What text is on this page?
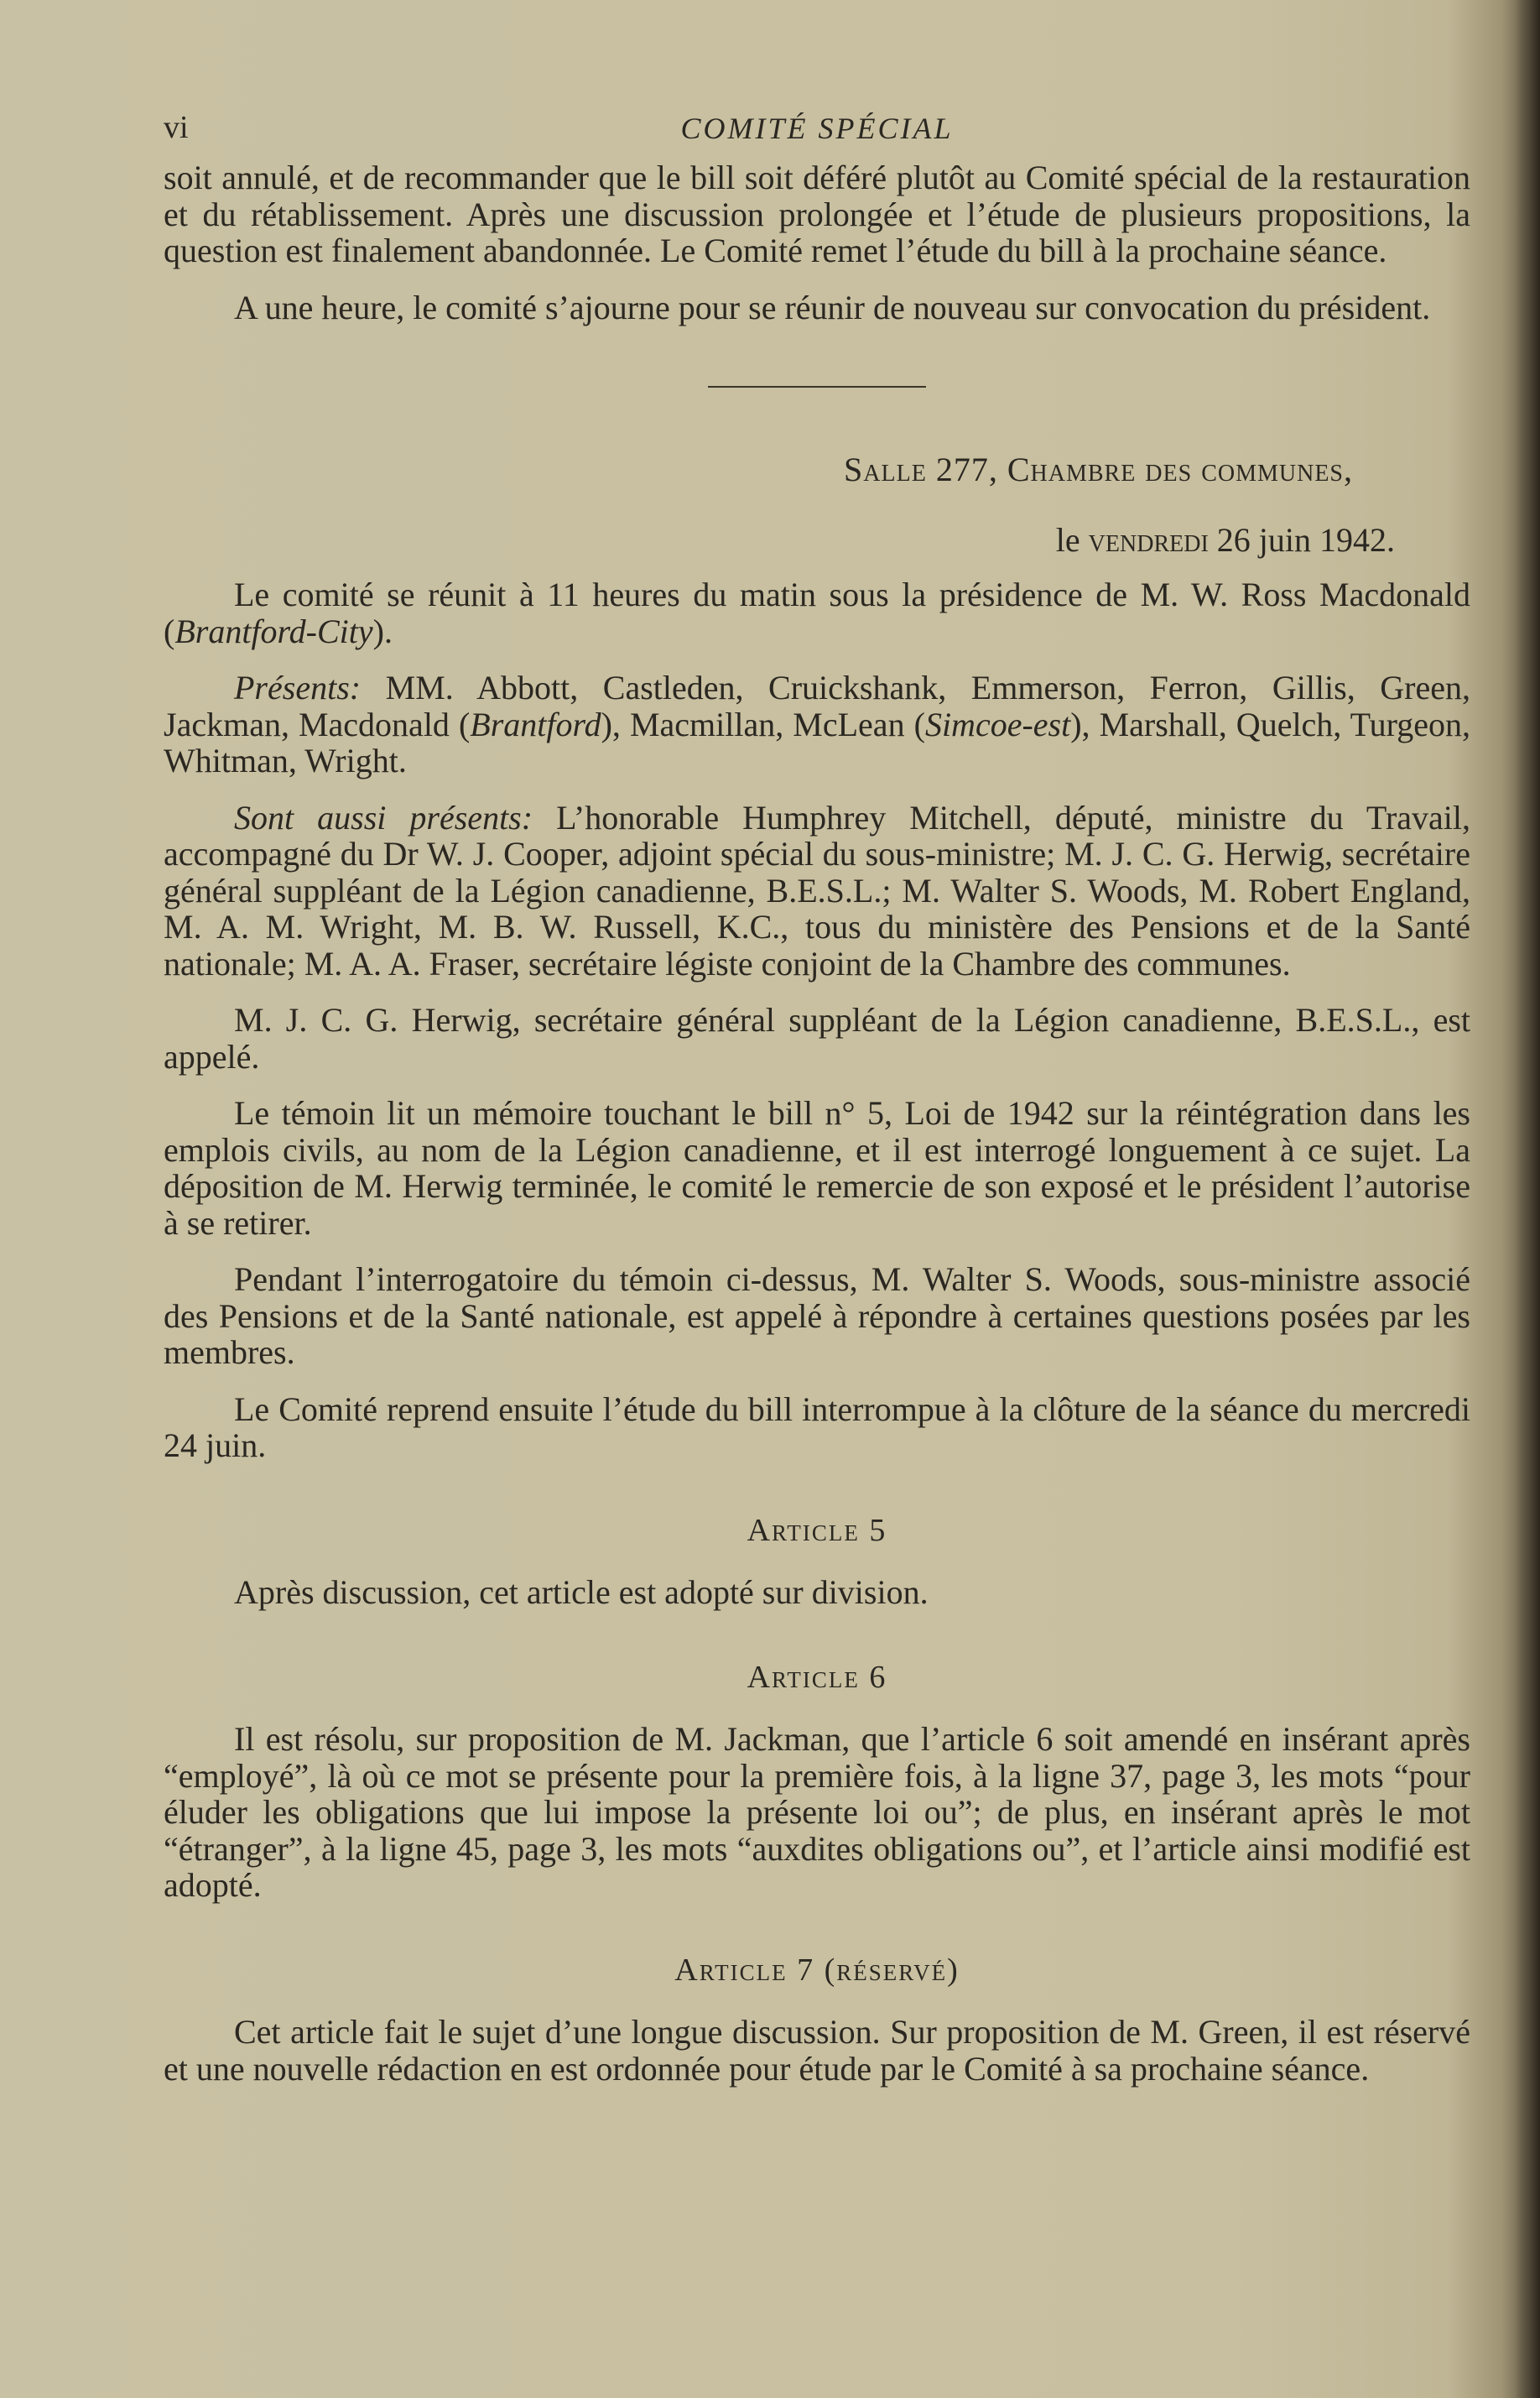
vi	COMITÉ SPÉCIAL

soit annulé, et de recommander que le bill soit déféré plutôt au Comité spécial de la restauration et du rétablissement. Après une discussion prolongée et l’étude de plusieurs propositions, la question est finalement abandonnée. Le Comité remet l’étude du bill à la prochaine séance.

A une heure, le comité s’ajourne pour se réunir de nouveau sur convocation du président.

Salle 277, Chambre des communes,
le vendredi 26 juin 1942.

Le comité se réunit à 11 heures du matin sous la présidence de M. W. Ross Macdonald (Brantford-City).

Présents: MM. Abbott, Castleden, Cruickshank, Emmerson, Ferron, Gillis, Green, Jackman, Macdonald (Brantford), Macmillan, McLean (Simcoe-est), Marshall, Quelch, Turgeon, Whitman, Wright.

Sont aussi présents: L’honorable Humphrey Mitchell, député, ministre du Travail, accompagné du Dr W. J. Cooper, adjoint spécial du sous-ministre; M. J. C. G. Herwig, secrétaire général suppléant de la Légion canadienne, B.E.S.L.; M. Walter S. Woods, M. Robert England, M. A. M. Wright, M. B. W. Russell, K.C., tous du ministère des Pensions et de la Santé nationale; M. A. A. Fraser, secrétaire légiste conjoint de la Chambre des communes.

M. J. C. G. Herwig, secrétaire général suppléant de la Légion canadienne, B.E.S.L., est appelé.

Le témoin lit un mémoire touchant le bill n° 5, Loi de 1942 sur la réintégration dans les emplois civils, au nom de la Légion canadienne, et il est interrogé longuement à ce sujet. La déposition de M. Herwig terminée, le comité le remercie de son exposé et le président l’autorise à se retirer.

Pendant l’interrogatoire du témoin ci-dessus, M. Walter S. Woods, sous-ministre associé des Pensions et de la Santé nationale, est appelé à répondre à certaines questions posées par les membres.

Le Comité reprend ensuite l’étude du bill interrompue à la clôture de la séance du mercredi 24 juin.

Article 5

Après discussion, cet article est adopté sur division.

Article 6

Il est résolu, sur proposition de M. Jackman, que l’article 6 soit amendé en insérant après “employé”, là où ce mot se présente pour la première fois, à la ligne 37, page 3, les mots “pour éluder les obligations que lui impose la présente loi ou”; de plus, en insérant après le mot “étranger”, à la ligne 45, page 3, les mots “auxdites obligations ou”, et l’article ainsi modifié est adopté.

Article 7 (réservé)

Cet article fait le sujet d’une longue discussion. Sur proposition de M. Green, il est réservé et une nouvelle rédaction en est ordonnée pour étude par le Comité à sa prochaine séance.
